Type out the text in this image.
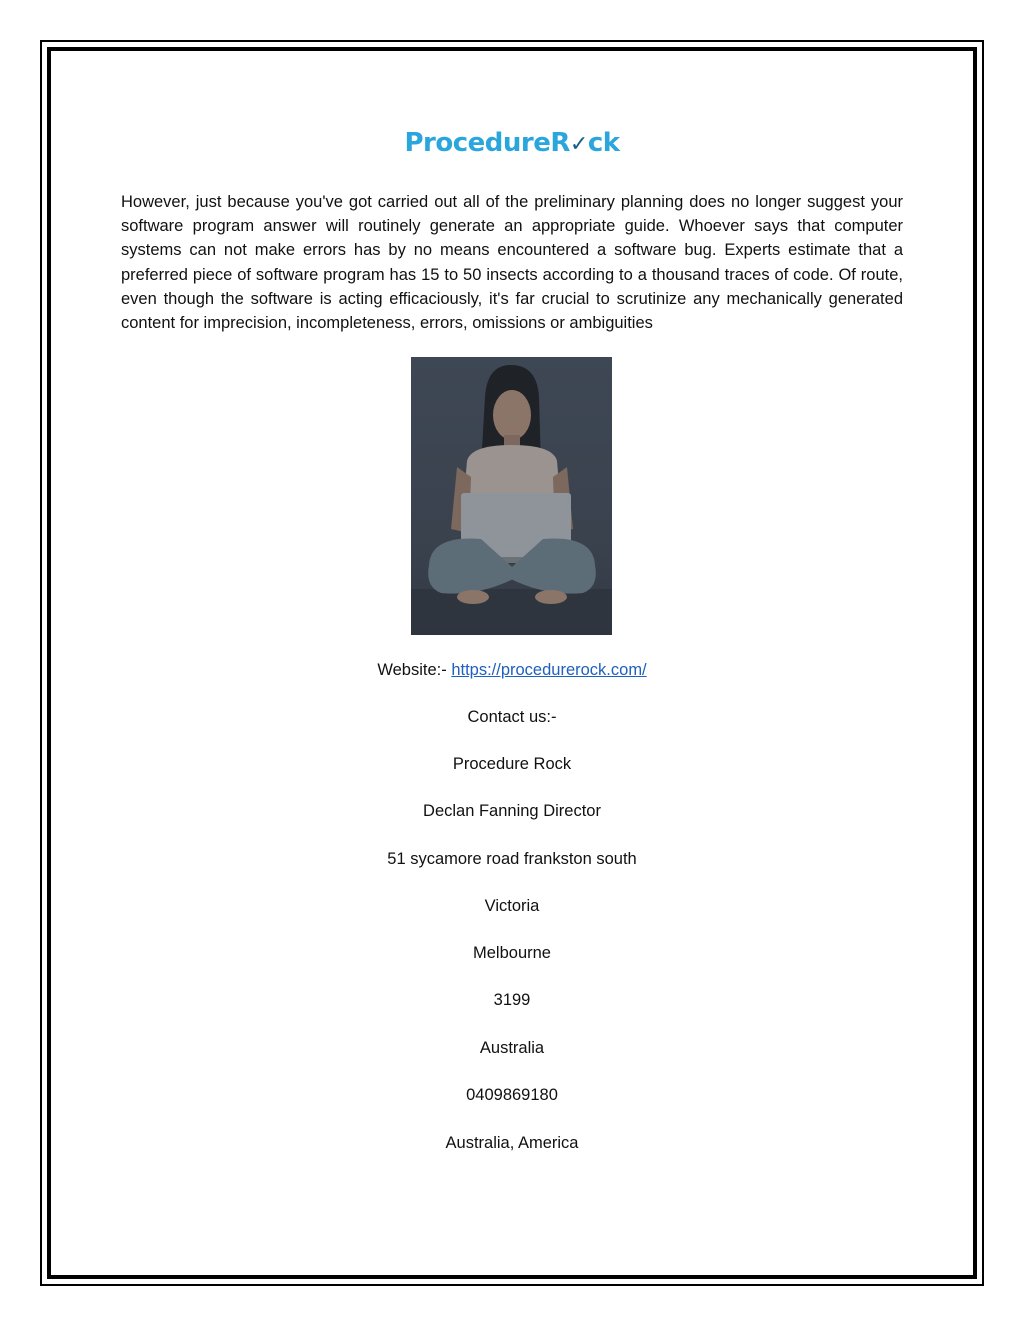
ProcedureR✓ck

However, just because you've got carried out all of the preliminary planning does no longer suggest your software program answer will routinely generate an appropriate guide. Whoever says that computer systems can not make errors has by no means encountered a software bug. Experts estimate that a preferred piece of software program has 15 to 50 insects according to a thousand traces of code. Of route, even though the software is acting efficaciously, it's far crucial to scrutinize any mechanically generated content for imprecision, incompleteness, errors, omissions or ambiguities

Website:- https://procedurerock.com/

Contact us:-

Procedure Rock

Declan Fanning Director

51 sycamore road frankston south

Victoria

Melbourne

3199

Australia

0409869180

Australia, America
